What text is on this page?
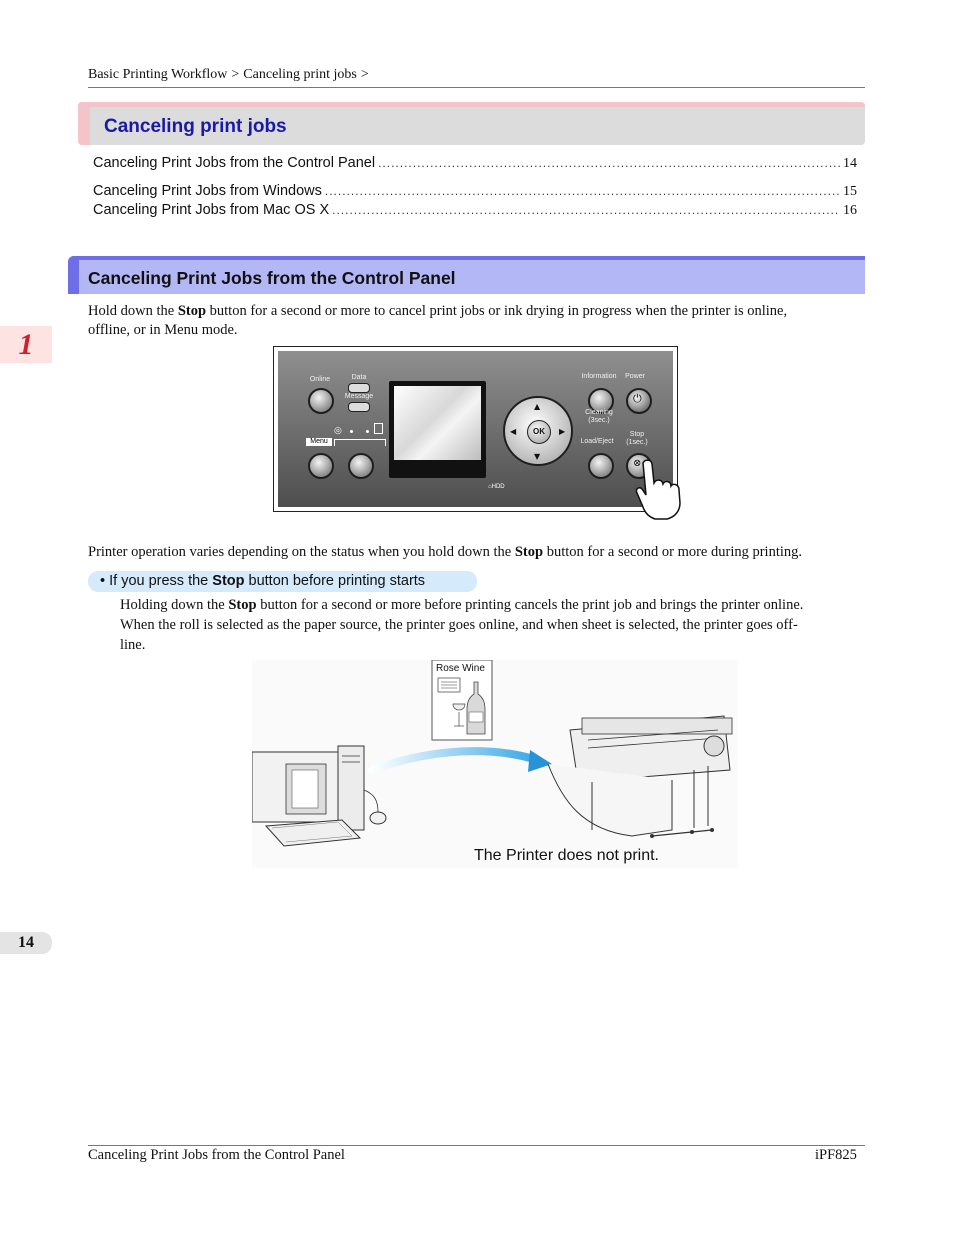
Basic Printing Workflow > Canceling print jobs >
Canceling print jobs
Canceling Print Jobs from the Control Panel .....	14
Canceling Print Jobs from Windows .....	15
Canceling Print Jobs from Mac OS X .....	16
Canceling Print Jobs from the Control Panel
1
Hold down the Stop button for a second or more to cancel print jobs or ink drying in progress when the printer is online,
offline, or in Menu mode.
Online	Data
Message
◎
Menu
⌂HDD
▲
▼
◀	▶
OK
Information	Power
⏻
Cleaning
(3sec.)
Load/Eject
Stop
(1sec.)
⊗
Printer operation varies depending on the status when you hold down the Stop button for a second or more during printing.
• If you press the Stop button before printing starts
Holding down the Stop button for a second or more before printing cancels the print job and brings the printer online.
When the roll is selected as the paper source, the printer goes online, and when sheet is selected, the printer goes off-
line.
Rose Wine
The Printer does not print.
14
Canceling Print Jobs from the Control Panel	iPF825
